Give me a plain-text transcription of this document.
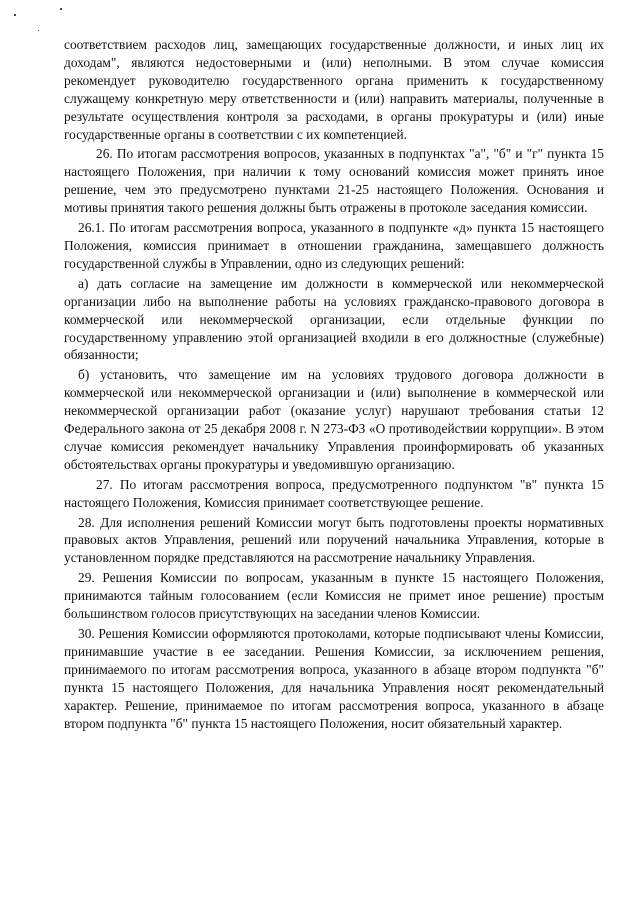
соответствием расходов лиц, замещающих государственные должности, и иных лиц их доходам", являются недостоверными и (или) неполными. В этом случае комиссия рекомендует руководителю государственного органа применить к государственному служащему конкретную меру ответственности и (или) направить материалы, полученные в результате осуществления контроля за расходами, в органы прокуратуры и (или) иные государственные органы в соответствии с их компетенцией.

26. По итогам рассмотрения вопросов, указанных в подпунктах "а", "б" и "г" пункта 15 настоящего Положения, при наличии к тому оснований комиссия может принять иное решение, чем это предусмотрено пунктами 21-25 настоящего Положения. Основания и мотивы принятия такого решения должны быть отражены в протоколе заседания комиссии.

26.1. По итогам рассмотрения вопроса, указанного в подпункте «д» пункта 15 настоящего Положения, комиссия принимает в отношении гражданина, замещавшего должность государственной службы в Управлении, одно из следующих решений:

а) дать согласие на замещение им должности в коммерческой или некоммерческой организации либо на выполнение работы на условиях гражданско-правового договора в коммерческой или некоммерческой организации, если отдельные функции по государственному управлению этой организацией входили в его должностные (служебные) обязанности;

б) установить, что замещение им на условиях трудового договора должности в коммерческой или некоммерческой организации и (или) выполнение в коммерческой или некоммерческой организации работ (оказание услуг) нарушают требования статьи 12 Федерального закона от 25 декабря 2008 г. N 273-ФЗ «О противодействии коррупции». В этом случае комиссия рекомендует начальнику Управления проинформировать об указанных обстоятельствах органы прокуратуры и уведомившую организацию.

27. По итогам рассмотрения вопроса, предусмотренного подпунктом "в" пункта 15 настоящего Положения, Комиссия принимает соответствующее решение.

28. Для исполнения решений Комиссии могут быть подготовлены проекты нормативных правовых актов Управления, решений или поручений начальника Управления, которые в установленном порядке представляются на рассмотрение начальнику Управления.

29. Решения Комиссии по вопросам, указанным в пункте 15 настоящего Положения, принимаются тайным голосованием (если Комиссия не примет иное решение) простым большинством голосов присутствующих на заседании членов Комиссии.

30. Решения Комиссии оформляются протоколами, которые подписывают члены Комиссии, принимавшие участие в ее заседании. Решения Комиссии, за исключением решения, принимаемого по итогам рассмотрения вопроса, указанного в абзаце втором подпункта "б" пункта 15 настоящего Положения, для начальника Управления носят рекомендательный характер. Решение, принимаемое по итогам рассмотрения вопроса, указанного в абзаце втором подпункта "б" пункта 15 настоящего Положения, носит обязательный характер.
